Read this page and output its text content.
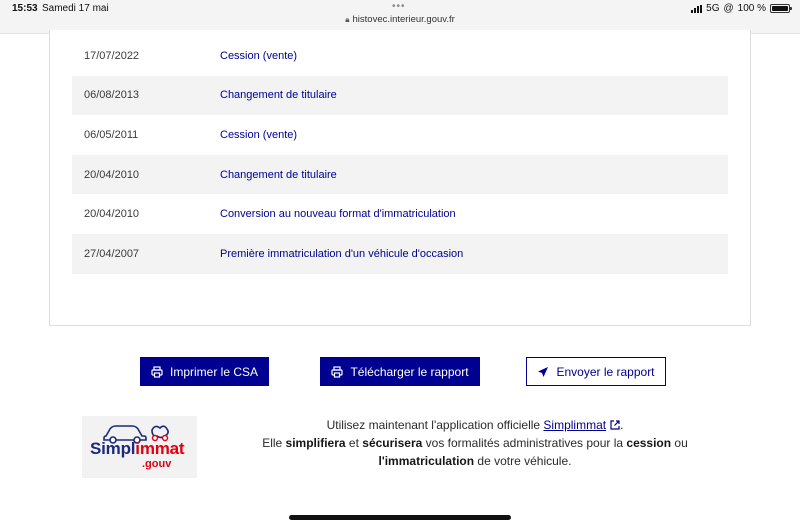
15:53 Samedi 17 mai	•••
🔒︎ histovec.interieur.gouv.fr
5G @ 100 %
17/07/2022	Cession (vente)
06/08/2013	Changement de titulaire
06/05/2011	Cession (vente)
20/04/2010	Changement de titulaire
20/04/2010	Conversion au nouveau format d'immatriculation
27/04/2007	Première immatriculation d'un véhicule d'occasion
Imprimer le CSA	Télécharger le rapport	Envoyer le rapport
Simplimmat
.gouv
Utilisez maintenant l'application officielle Simplimmat .
Elle simplifiera et sécurisera vos formalités administratives pour la cession ou
l'immatriculation de votre véhicule.
